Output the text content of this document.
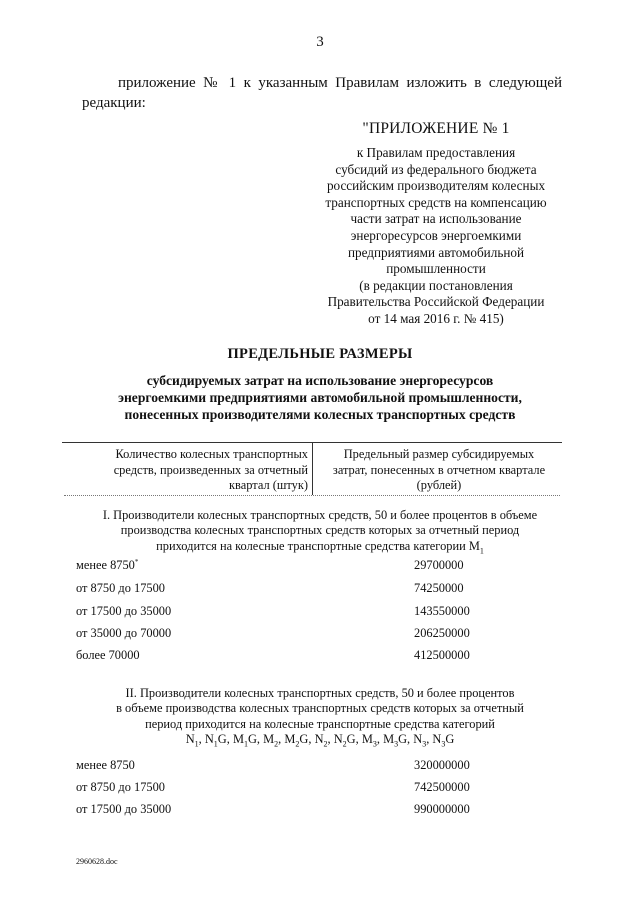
3
приложение № 1 к указанным Правилам изложить в следующей
редакции:
"ПРИЛОЖЕНИЕ № 1
к Правилам предоставления
субсидий из федерального бюджета
российским производителям колесных
транспортных средств на компенсацию
части затрат на использование
энергоресурсов энергоемкими
предприятиями автомобильной
промышленности
(в редакции постановления
Правительства Российской Федерации
от 14 мая 2016 г. № 415)
ПРЕДЕЛЬНЫЕ РАЗМЕРЫ
субсидируемых затрат на использование энергоресурсов
энергоемкими предприятиями автомобильной промышленности,
понесенных производителями колесных транспортных средств
Количество колесных транспортных
средств, произведенных за отчетный
квартал (штук)
Предельный размер субсидируемых
затрат, понесенных в отчетном квартале
(рублей)
I. Производители колесных транспортных средств, 50 и более процентов в объеме
производства колесных транспортных средств которых за отчетный период
приходится на колесные транспортные средства категории $M_1$
менее 8750*	29700000
от 8750 до 17500	74250000
от 17500 до 35000	143550000
от 35000 до 70000	206250000
более 70000	412500000
II. Производители колесных транспортных средств, 50 и более процентов
в объеме производства колесных транспортных средств которых за отчетный
период приходится на колесные транспортные средства категорий
$N_1$, $N_1G$, $M_1G$, $M_2$, $M_2G$, $N_2$, $N_2G$, $M_3$, $M_3G$, $N_3$, $N_3G$
менее 8750	320000000
от 8750 до 17500	742500000
от 17500 до 35000	990000000
2960628.doc
